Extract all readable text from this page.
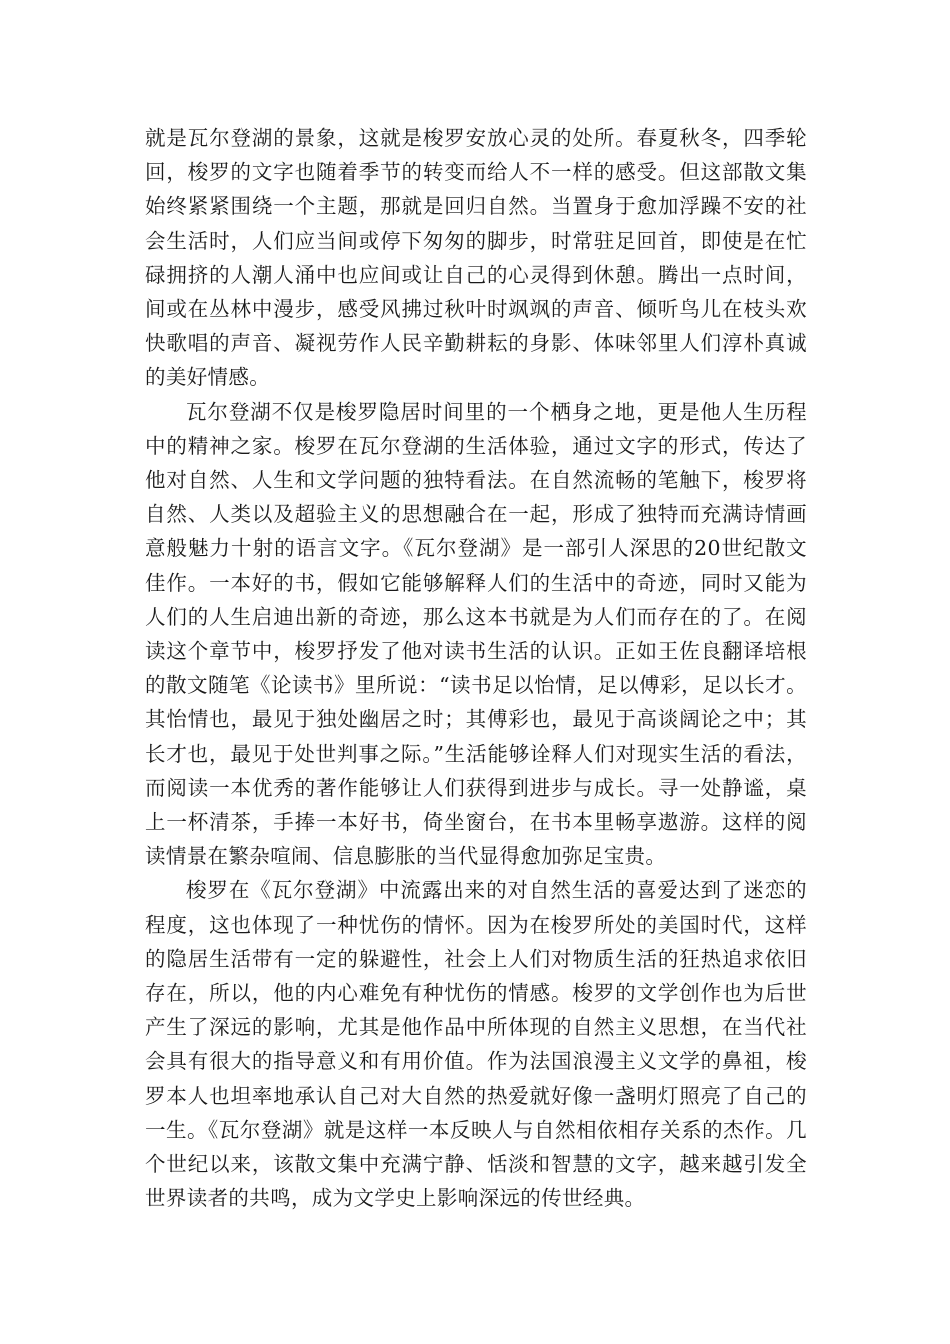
就是瓦尔登湖的景象，这就是梭罗安放心灵的处所。春夏秋冬，四季轮回，梭罗的文字也随着季节的转变而给人不一样的感受。但这部散文集始终紧紧围绕一个主题，那就是回归自然。当置身于愈加浮躁不安的社会生活时，人们应当间或停下匆匆的脚步，时常驻足回首，即使是在忙碌拥挤的人潮人涌中也应间或让自己的心灵得到休憩。腾出一点时间，间或在丛林中漫步，感受风拂过秋叶时飒飒的声音、倾听鸟儿在枝头欢快歌唱的声音、凝视劳作人民辛勤耕耘的身影、体味邻里人们淳朴真诚的美好情感。

瓦尔登湖不仅是梭罗隐居时间里的一个栖身之地，更是他人生历程中的精神之家。梭罗在瓦尔登湖的生活体验，通过文字的形式，传达了他对自然、人生和文学问题的独特看法。在自然流畅的笔触下，梭罗将自然、人类以及超验主义的思想融合在一起，形成了独特而充满诗情画意般魅力十射的语言文字。《瓦尔登湖》是一部引人深思的20世纪散文佳作。一本好的书，假如它能够解释人们的生活中的奇迹，同时又能为人们的人生启迪出新的奇迹，那么这本书就是为人们而存在的了。在阅读这个章节中，梭罗抒发了他对读书生活的认识。正如王佐良翻译培根的散文随笔《论读书》里所说：“读书足以怡情，足以傅彩，足以长才。其怡情也，最见于独处幽居之时；其傅彩也，最见于高谈阔论之中；其长才也，最见于处世判事之际。”生活能够诠释人们对现实生活的看法，而阅读一本优秀的著作能够让人们获得到进步与成长。寻一处静谧，桌上一杯清茶，手捧一本好书，倚坐窗台，在书本里畅享遨游。这样的阅读情景在繁杂喧闹、信息膨胀的当代显得愈加弥足宝贵。

梭罗在《瓦尔登湖》中流露出来的对自然生活的喜爱达到了迷恋的程度，这也体现了一种忧伤的情怀。因为在梭罗所处的美国时代，这样的隐居生活带有一定的躲避性，社会上人们对物质生活的狂热追求依旧存在，所以，他的内心难免有种忧伤的情感。梭罗的文学创作也为后世产生了深远的影响，尤其是他作品中所体现的自然主义思想，在当代社会具有很大的指导意义和有用价值。作为法国浪漫主义文学的鼻祖，梭罗本人也坦率地承认自己对大自然的热爱就好像一盏明灯照亮了自己的一生。《瓦尔登湖》就是这样一本反映人与自然相依相存关系的杰作。几个世纪以来，该散文集中充满宁静、恬淡和智慧的文字，越来越引发全世界读者的共鸣，成为文学史上影响深远的传世经典。
